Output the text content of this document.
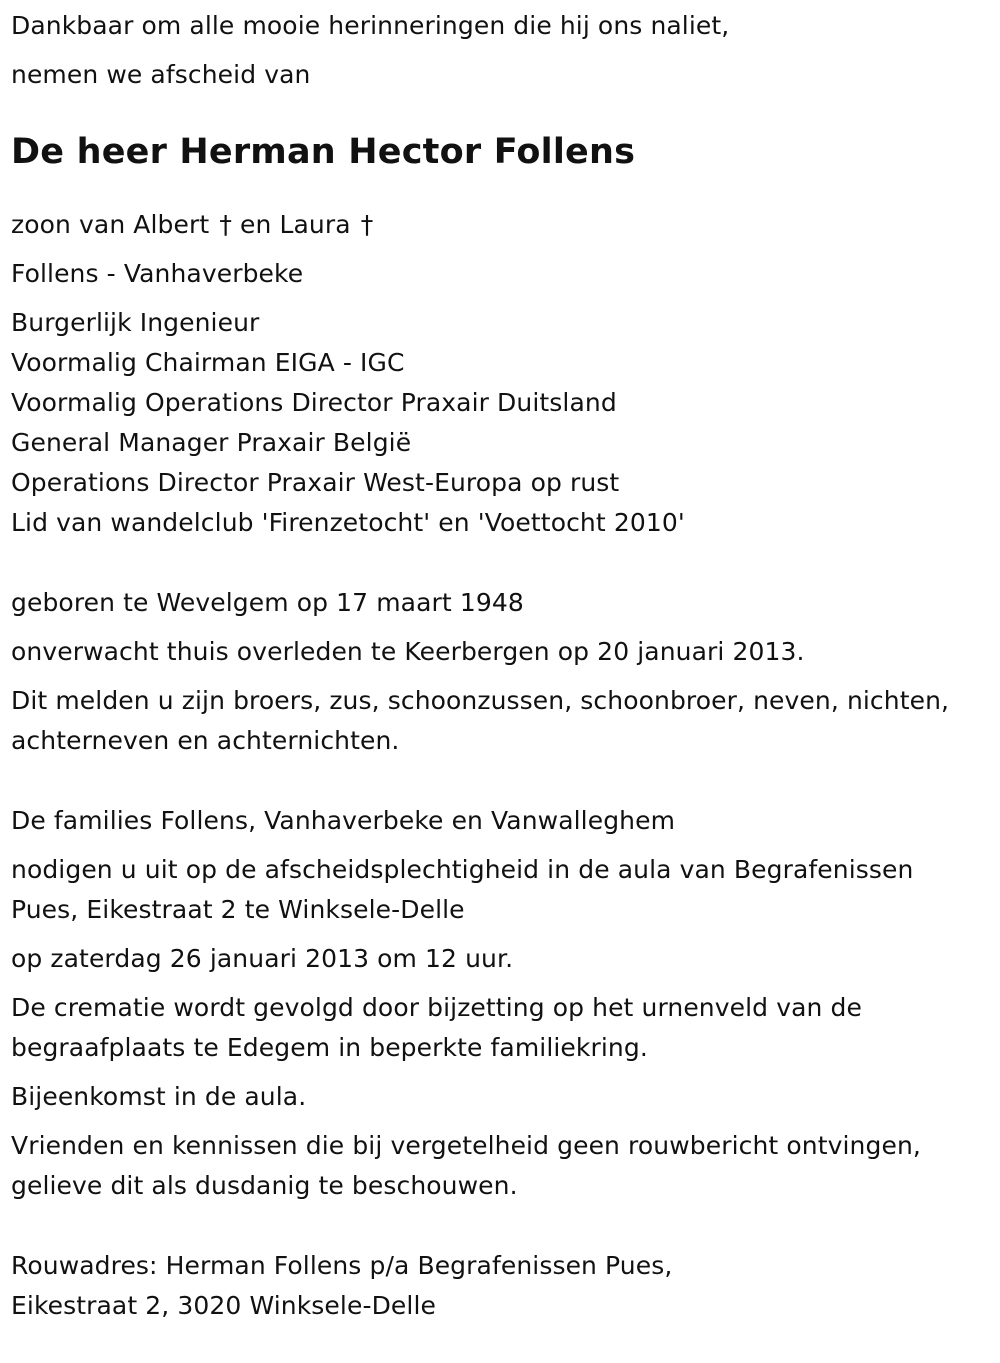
Dankbaar om alle mooie herinneringen die hij ons naliet,
nemen we afscheid van
De heer Herman Hector Follens
zoon van Albert † en Laura †
Follens - Vanhaverbeke
Burgerlijk Ingenieur
Voormalig Chairman EIGA - IGC
Voormalig Operations Director Praxair Duitsland
General Manager Praxair België
Operations Director Praxair West-Europa op rust
Lid van wandelclub 'Firenzetocht' en 'Voettocht 2010'
geboren te Wevelgem op 17 maart 1948
onverwacht thuis overleden te Keerbergen op 20 januari 2013.
Dit melden u zijn broers, zus, schoonzussen, schoonbroer, neven, nichten,
achterneven en achternichten.
De families Follens, Vanhaverbeke en Vanwalleghem
nodigen u uit op de afscheidsplechtigheid in de aula van Begrafenissen
Pues, Eikestraat 2 te Winksele-Delle
op zaterdag 26 januari 2013 om 12 uur.
De crematie wordt gevolgd door bijzetting op het urnenveld van de
begraafplaats te Edegem in beperkte familiekring.
Bijeenkomst in de aula.
Vrienden en kennissen die bij vergetelheid geen rouwbericht ontvingen,
gelieve dit als dusdanig te beschouwen.
Rouwadres: Herman Follens p/a Begrafenissen Pues,
Eikestraat 2, 3020 Winksele-Delle
